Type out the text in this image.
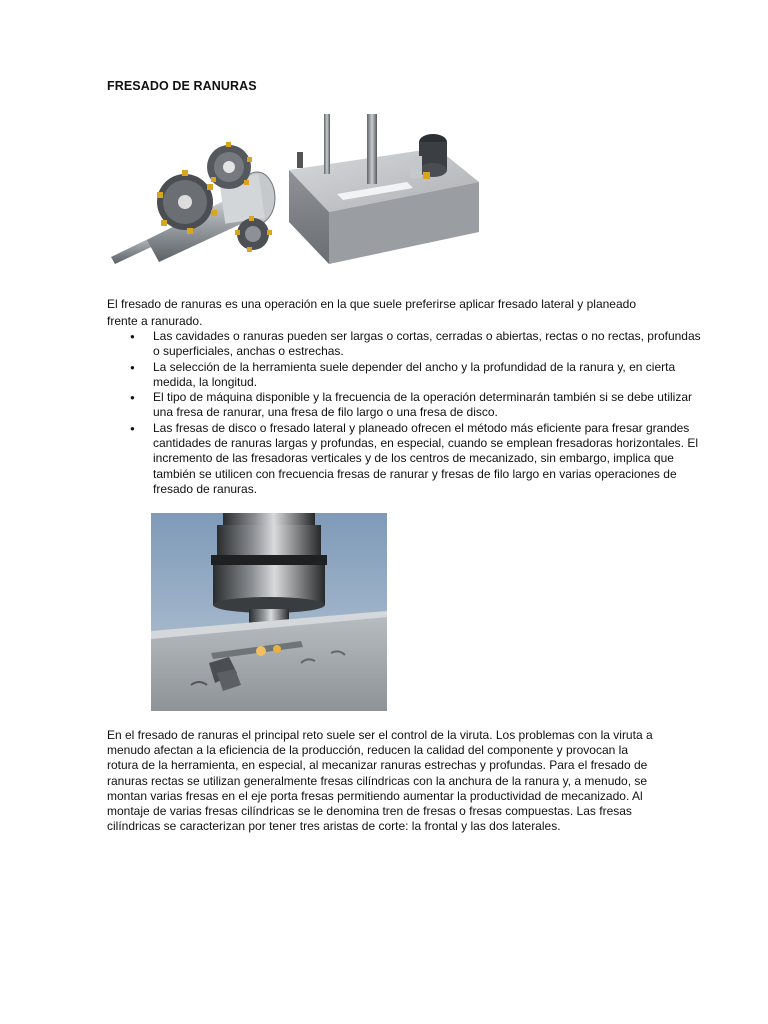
FRESADO DE RANURAS
El fresado de ranuras es una operación en la que suele preferirse aplicar fresado lateral y planeado frente a ranurado.
● Las cavidades o ranuras pueden ser largas o cortas, cerradas o abiertas, rectas o no rectas, profundas o superficiales, anchas o estrechas.
● La selección de la herramienta suele depender del ancho y la profundidad de la ranura y, en cierta medida, la longitud.
● El tipo de máquina disponible y la frecuencia de la operación determinarán también si se debe utilizar una fresa de ranurar, una fresa de filo largo o una fresa de disco.
● Las fresas de disco o fresado lateral y planeado ofrecen el método más eficiente para fresar grandes cantidades de ranuras largas y profundas, en especial, cuando se emplean fresadoras horizontales. El incremento de las fresadoras verticales y de los centros de mecanizado, sin embargo, implica que también se utilicen con frecuencia fresas de ranurar y fresas de filo largo en varias operaciones de fresado de ranuras.
En el fresado de ranuras el principal reto suele ser el control de la viruta. Los problemas con la viruta a menudo afectan a la eficiencia de la producción, reducen la calidad del componente y provocan la rotura de la herramienta, en especial, al mecanizar ranuras estrechas y profundas. Para el fresado de ranuras rectas se utilizan generalmente fresas cilíndricas con la anchura de la ranura y, a menudo, se montan varias fresas en el eje porta fresas permitiendo aumentar la productividad de mecanizado. Al montaje de varias fresas cilíndricas se le denomina tren de fresas o fresas compuestas. Las fresas cilíndricas se caracterizan por tener tres aristas de corte: la frontal y las dos laterales.
